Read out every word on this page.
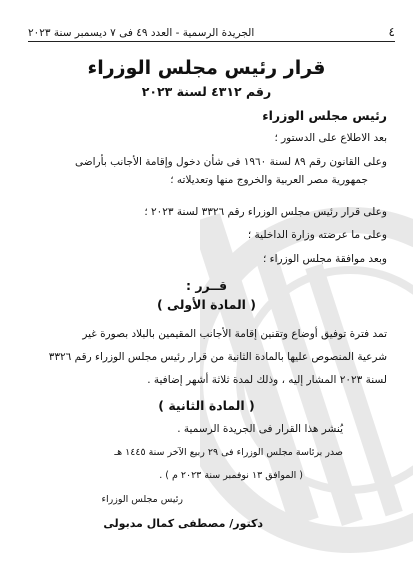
٤
الجريدة الرسمية - العدد ٤٩ فى ٧ ديسمبر سنة ٢٠٢٣
قرار رئيس مجلس الوزراء
رقم ٤٣١٢ لسنة ٢٠٢٣
رئيس مجلس الوزراء
بعد الاطلاع على الدستور ؛
وعلى القانون رقم ٨٩ لسنة ١٩٦٠ فى شأن دخول وإقامة الأجانب بأراضى
جمهورية مصر العربية والخروج منها وتعديلاته ؛
وعلى قرار رئيس مجلس الوزراء رقم ٣٣٢٦ لسنة ٢٠٢٣ ؛
وعلى ما عرضته وزارة الداخلية ؛
وبعد موافقة مجلس الوزراء ؛
قــرر :
( المادة الأولى )
تمد فترة توفيق أوضاع وتقنين إقامة الأجانب المقيمين بالبلاد بصورة غير
شرعية المنصوص عليها بالمادة الثانية من قرار رئيس مجلس الوزراء رقم ٣٣٢٦
لسنة ٢٠٢٣ المشار إليه ، وذلك لمدة ثلاثة أشهر إضافية .
( المادة الثانية )
يُنشر هذا القرار فى الجريدة الرسمية .
صدر برئاسة مجلس الوزراء فى ٢٩ ربيع الآخر سنة ١٤٤٥ هـ
( الموافق ١٣ نوفمبر سنة ٢٠٢٣ م ) .
رئيس مجلس الوزراء
دكتور/ مصطفى كمال مدبولى
